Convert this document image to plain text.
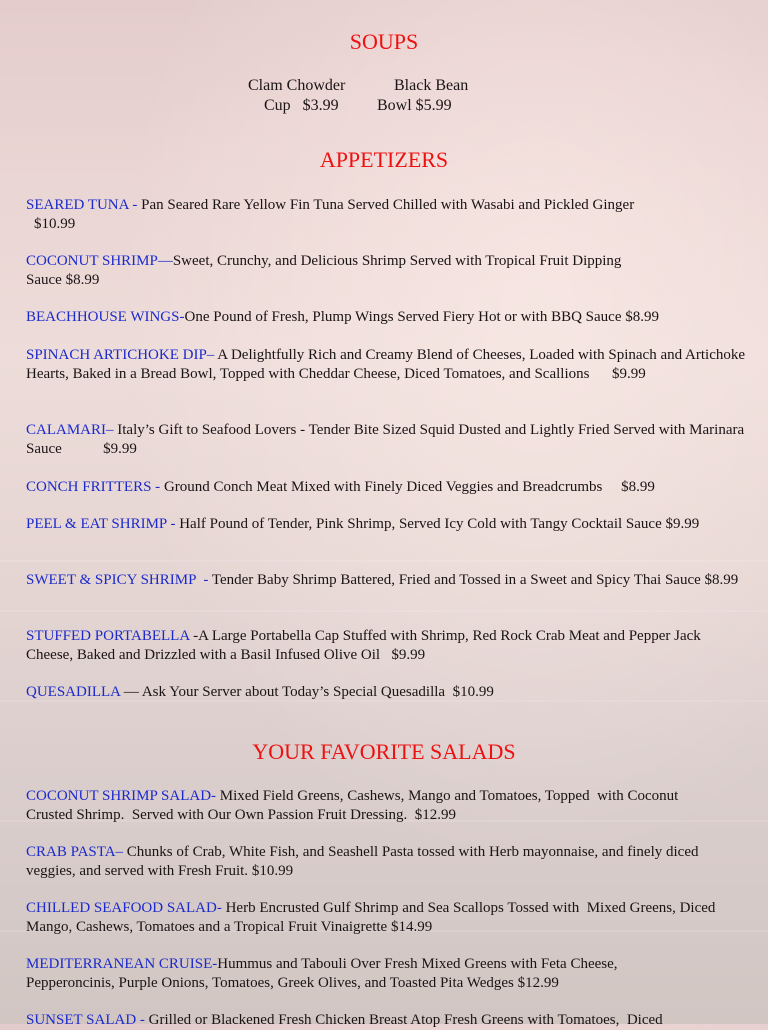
SOUPS
Clam Chowder	Black Bean
Cup   $3.99 Bowl $5.99
APPETIZERS

SEARED TUNA - Pan Seared Rare Yellow Fin Tuna Served Chilled with Wasabi and Pickled Ginger
$10.99

COCONUT SHRIMP—Sweet, Crunchy, and Delicious Shrimp Served with Tropical Fruit Dipping Sauce $8.99

BEACHHOUSE WINGS-One Pound of Fresh, Plump Wings Served Fiery Hot or with BBQ Sauce $8.99

SPINACH ARTICHOKE DIP– A Delightfully Rich and Creamy Blend of Cheeses, Loaded with Spinach and Artichoke Hearts, Baked in a Bread Bowl, Topped with Cheddar Cheese, Diced Tomatoes, and Scallions $9.99

CALAMARI– Italy’s Gift to Seafood Lovers - Tender Bite Sized Squid Dusted and Lightly Fried Served with Marinara Sauce	$9.99

CONCH FRITTERS - Ground Conch Meat Mixed with Finely Diced Veggies and Breadcrumbs $8.99

PEEL & EAT SHRIMP - Half Pound of Tender, Pink Shrimp, Served Icy Cold with Tangy Cocktail Sauce $9.99

SWEET & SPICY SHRIMP  - Tender Baby Shrimp Battered, Fried and Tossed in a Sweet and Spicy Thai Sauce $8.99

STUFFED PORTABELLA -A Large Portabella Cap Stuffed with Shrimp, Red Rock Crab Meat and Pepper Jack Cheese, Baked and Drizzled with a Basil Infused Olive Oil $9.99

QUESADILLA — Ask Your Server about Today’s Special Quesadilla $10.99

YOUR FAVORITE SALADS

COCONUT SHRIMP SALAD- Mixed Field Greens, Cashews, Mango and Tomatoes, Topped  with Coconut Crusted Shrimp.  Served with Our Own Passion Fruit Dressing. $12.99

CRAB PASTA– Chunks of Crab, White Fish, and Seashell Pasta tossed with Herb mayonnaise, and finely diced veggies, and served with Fresh Fruit. $10.99

CHILLED SEAFOOD SALAD- Herb Encrusted Gulf Shrimp and Sea Scallops Tossed with  Mixed Greens, Diced Mango, Cashews, Tomatoes and a Tropical Fruit Vinaigrette $14.99

MEDITERRANEAN CRUISE-Hummus and Tabouli Over Fresh Mixed Greens with Feta Cheese, Pepperoncinis, Purple Onions, Tomatoes, Greek Olives, and Toasted Pita Wedges $12.99

SUNSET SALAD - Grilled or Blackened Fresh Chicken Breast Atop Fresh Greens with Tomatoes,  Diced
